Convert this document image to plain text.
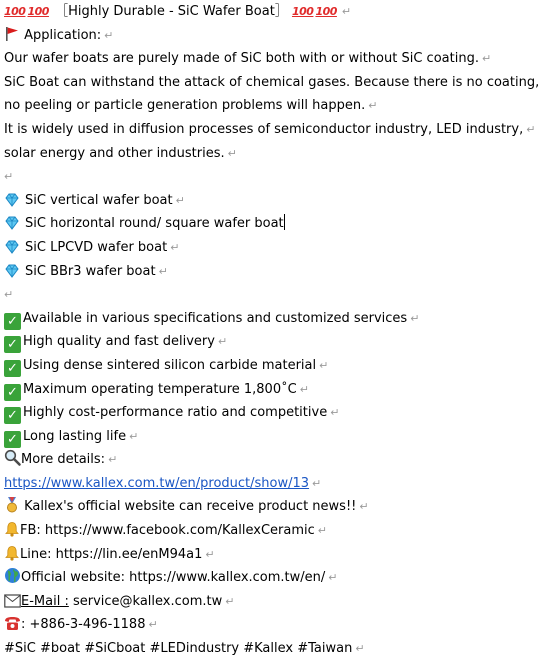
100 100 ［Highly Durable - SiC Wafer Boat］ 100 100 ↵
Application: ↵
Our wafer boats are purely made of SiC both with or without SiC coating. ↵
SiC Boat can withstand the attack of chemical gases. Because there is no coating,
no peeling or particle generation problems will happen. ↵
It is widely used in diffusion processes of semiconductor industry, LED industry, ↵
solar energy and other industries. ↵
↵
SiC vertical wafer boat ↵
SiC horizontal round/ square wafer boat
SiC LPCVD wafer boat ↵
SiC BBr3 wafer boat ↵
↵
✓ Available in various specifications and customized services ↵
✓ High quality and fast delivery ↵
✓ Using dense sintered silicon carbide material ↵
✓ Maximum operating temperature 1,800˚C ↵
✓ Highly cost-performance ratio and competitive ↵
✓ Long lasting life ↵
More details: ↵
https://www.kallex.com.tw/en/product/show/13 ↵
Kallex's official website can receive product news!! ↵
FB: https://www.facebook.com/KallexCeramic ↵
Line: https://lin.ee/enM94a1 ↵
Official website: https://www.kallex.com.tw/en/ ↵
E-Mail : service@kallex.com.tw ↵
: +886-3-496-1188 ↵
#SiC #boat #SiCboat #LEDindustry #Kallex #Taiwan ↵
